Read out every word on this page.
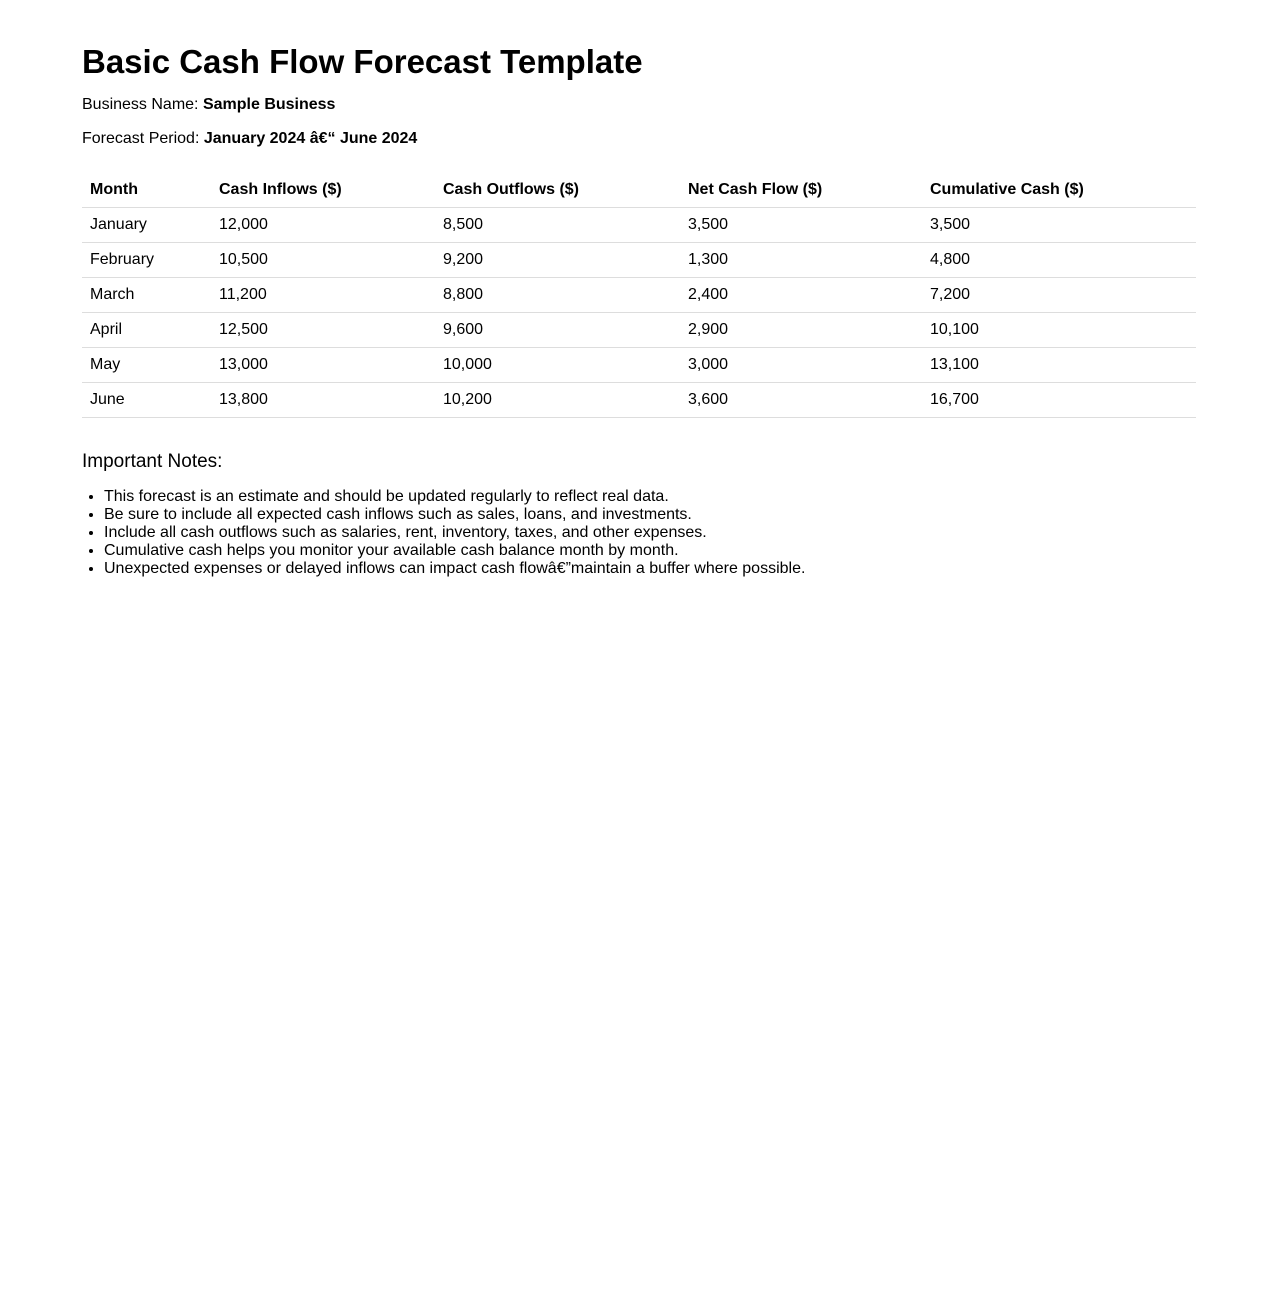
Basic Cash Flow Forecast Template

Business Name: Sample Business

Forecast Period: January 2024 â€“ June 2024

Month	Cash Inflows ($)	Cash Outflows ($)	Net Cash Flow ($)	Cumulative Cash ($)
January	12,000	8,500	3,500	3,500
February	10,500	9,200	1,300	4,800
March	11,200	8,800	2,400	7,200
April	12,500	9,600	2,900	10,100
May	13,000	10,000	3,000	13,100
June	13,800	10,200	3,600	16,700
Important Notes:
• This forecast is an estimate and should be updated regularly to reflect real data.
• Be sure to include all expected cash inflows such as sales, loans, and investments.
• Include all cash outflows such as salaries, rent, inventory, taxes, and other expenses.
• Cumulative cash helps you monitor your available cash balance month by month.
• Unexpected expenses or delayed inflows can impact cash flowâ€”maintain a buffer where possible.
